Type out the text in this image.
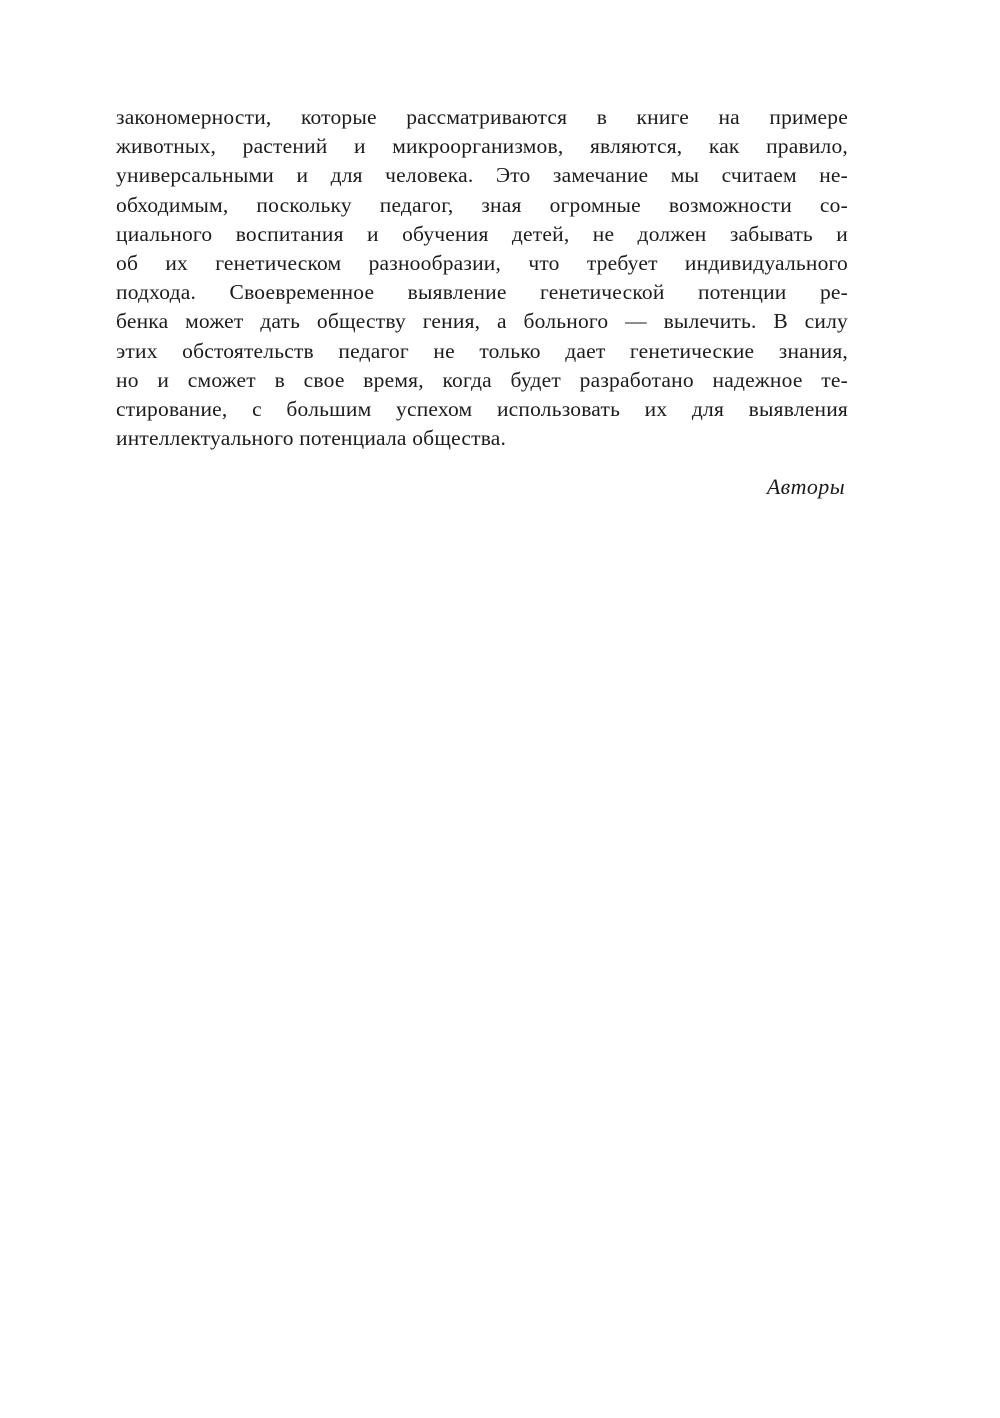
закономерности, которые рассматриваются в книге на примере
животных, растений и микроорганизмов, являются, как правило,
универсальными и для человека. Это замечание мы считаем не-
обходимым, поскольку педагог, зная огромные возможности со-
циального воспитания и обучения детей, не должен забывать и
об их генетическом разнообразии, что требует индивидуального
подхода. Своевременное выявление генетической потенции ре-
бенка может дать обществу гения, а больного — вылечить. В силу
этих обстоятельств педагог не только дает генетические знания,
но и сможет в свое время, когда будет разработано надежное те-
стирование, с большим успехом использовать их для выявления
интеллектуального потенциала общества.
Авторы
